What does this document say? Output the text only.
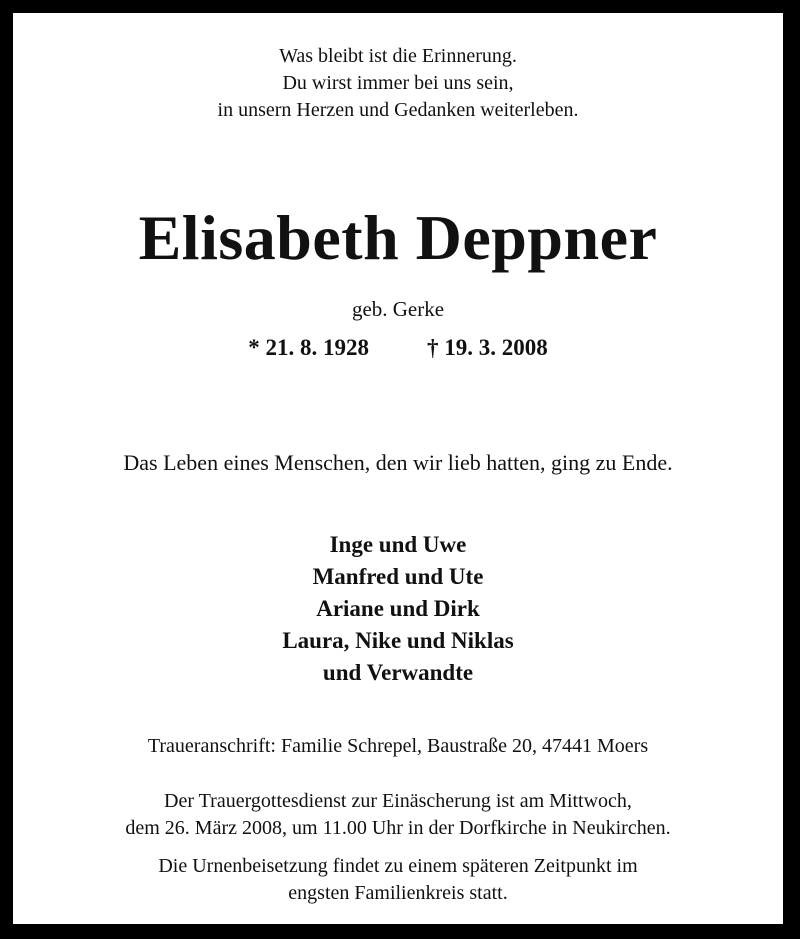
Was bleibt ist die Erinnerung.
Du wirst immer bei uns sein,
in unsern Herzen und Gedanken weiterleben.
Elisabeth Deppner
geb. Gerke
* 21. 8. 1928	† 19. 3. 2008
Das Leben eines Menschen, den wir lieb hatten, ging zu Ende.
Inge und Uwe
Manfred und Ute
Ariane und Dirk
Laura, Nike und Niklas
und Verwandte
Traueranschrift: Familie Schrepel, Baustraße 20, 47441 Moers
Der Trauergottesdienst zur Einäscherung ist am Mittwoch,
dem 26. März 2008, um 11.00 Uhr in der Dorfkirche in Neukirchen.
Die Urnenbeisetzung findet zu einem späteren Zeitpunkt im
engsten Familienkreis statt.
